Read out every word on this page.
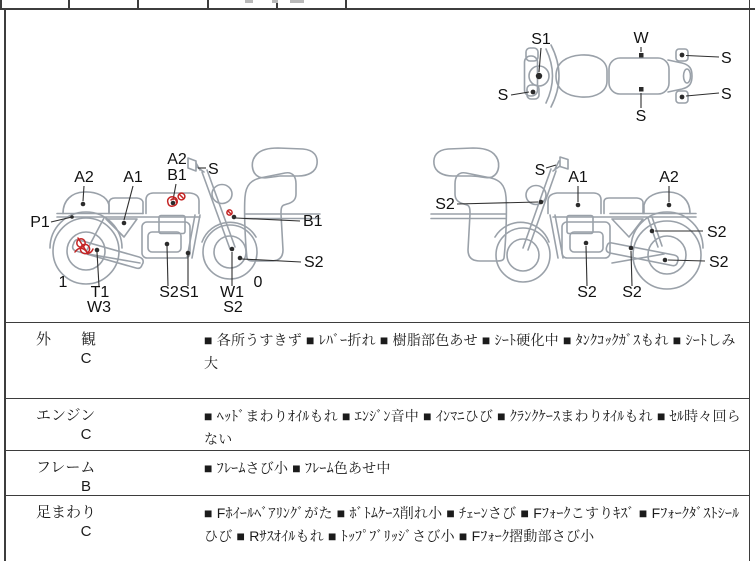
S1	W
S
S
S
S
A2 A1
A2
B1 S
P1	B1
S2
1
T1
W3
S2 S1 W1
S2
0
S A1	A2
S2
S2
S2
S2 S2
外　　観
C
■ 各所うすきず ■ ﾚﾊﾞｰ折れ ■ 樹脂部色あせ ■ ｼｰﾄ硬化中 ■ ﾀﾝｸｺｯｸｶﾞｽもれ ■ ｼｰﾄしみ大
エンジン
C
■ ﾍｯﾄﾞまわりｵｲﾙもれ ■ ｴﾝｼﾞﾝ音中 ■ ｲﾝﾏﾆひび ■ ｸﾗﾝｸｹｰｽまわりｵｲﾙもれ ■ ｾﾙ時々回らない
フレーム
B
■ ﾌﾚｰﾑさび小 ■ ﾌﾚｰﾑ色あせ中
足まわり
C
■ Fﾎｲｰﾙﾍﾞｱﾘﾝｸﾞがた ■ ﾎﾞﾄﾑｹｰｽ削れ小 ■ ﾁｪｰﾝさび ■ Fﾌｫｰｸこすりｷｽﾞ ■ Fﾌｫｰｸﾀﾞｽﾄｼｰﾙひび ■ Rｻｽｵｲﾙもれ ■ ﾄｯﾌﾟﾌﾞﾘｯｼﾞさび小 ■ Fﾌｫｰｸ摺動部さび小
